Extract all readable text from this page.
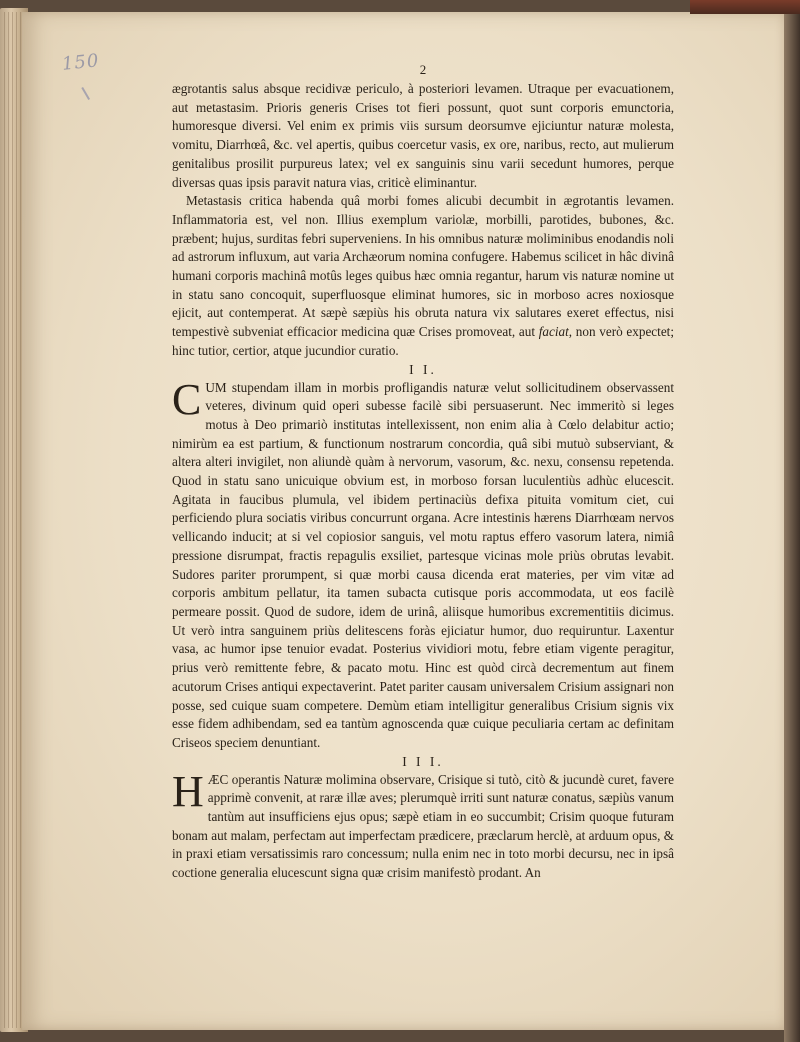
150	2

ægrotantis salus absque recidivæ periculo, à posteriori levamen. Utraque per evacuationem, aut metastasim. Prioris generis Crises tot fieri possunt, quot sunt corporis emunctoria, humoresque diversi. Vel enim ex primis viis sursum deorsumve ejiciuntur naturæ molesta, vomitu, Diarrhœâ, &c. vel apertis, quibus coercetur vasis, ex ore, naribus, recto, aut mulierum genitalibus prosilit purpureus latex; vel ex sanguinis sinu varii secedunt humores, perque diversas quas ipsis paravit natura vias, criticè eliminantur.

Metastasis critica habenda quâ morbi fomes alicubi decumbit in ægrotantis levamen. Inflammatoria est, vel non. Illius exemplum variolæ, morbilli, parotides, bubones, &c. præbent; hujus, surditas febri superveniens. In his omnibus naturæ moliminibus enodandis noli ad astrorum influxum, aut varia Archæorum nomina confugere. Habemus scilicet in hâc divinâ humani corporis machinâ motûs leges quibus hæc omnia regantur, harum vis naturæ nomine ut in statu sano concoquit, superfluosque eliminat humores, sic in morboso acres noxiosque ejicit, aut contemperat. At sæpè sæpiùs his obruta natura vix salutares exeret effectus, nisi tempestivè subveniat efficacior medicina quæ Crises promoveat, aut faciat, non verò expectet; hinc tutior, certior, atque jucundior curatio.

I I.

CUM stupendam illam in morbis profligandis naturæ velut sollicitudinem observassent veteres, divinum quid operi subesse facilè sibi persuaserunt. Nec immeritò si leges motus à Deo primariò institutas intellexissent, non enim alia à Cœlo delabitur actio; nimirùm ea est partium, & functionum nostrarum concordia, quâ sibi mutuò subserviant, & altera alteri invigilet, non aliundè quàm à nervorum, vasorum, &c. nexu, consensu repetenda. Quod in statu sano unicuique obvium est, in morboso forsan luculentiùs adhùc elucescit. Agitata in faucibus plumula, vel ibidem pertinaciùs defixa pituita vomitum ciet, cui perficiendo plura sociatis viribus concurrunt organa. Acre intestinis hærens Diarrhœam nervos vellicando inducit; at si vel copiosior sanguis, vel motu raptus effero vasorum latera, nimiâ pressione disrumpat, fractis repagulis exsiliet, partesque vicinas mole priùs obrutas levabit. Sudores pariter prorumpent, si quæ morbi causa dicenda erat materies, per vim vitæ ad corporis ambitum pellatur, ita tamen subacta cutisque poris accommodata, ut eos facilè permeare possit. Quod de sudore, idem de urinâ, aliisque humoribus excrementitiis dicimus. Ut verò intra sanguinem priùs delitescens foràs ejiciatur humor, duo requiruntur. Laxentur vasa, ac humor ipse tenuior evadat. Posterius vividiori motu, febre etiam vigente peragitur, prius verò remittente febre, & pacato motu. Hinc est quòd circà decrementum aut finem acutorum Crises antiqui expectaverint. Patet pariter causam universalem Crisium assignari non posse, sed cuique suam competere. Demùm etiam intelligitur generalibus Crisium signis vix esse fidem adhibendam, sed ea tantùm agnoscenda quæ cuique peculiaria certam ac definitam Criseos speciem denuntiant.

I I I.

HÆC operantis Naturæ molimina observare, Crisique si tutò, citò & jucundè curet, favere apprimè convenit, at raræ illæ aves; plerumquè irriti sunt naturæ conatus, sæpiùs vanum tantùm aut insufficiens ejus opus; sæpè etiam in eo succumbit; Crisim quoque futuram bonam aut malam, perfectam aut imperfectam prædicere, præclarum herclè, at arduum opus, & in praxi etiam versatissimis raro concessum; nulla enim nec in toto morbi decursu, nec in ipsâ coctione generalia elucescunt signa quæ crisim manifestò prodant. An
